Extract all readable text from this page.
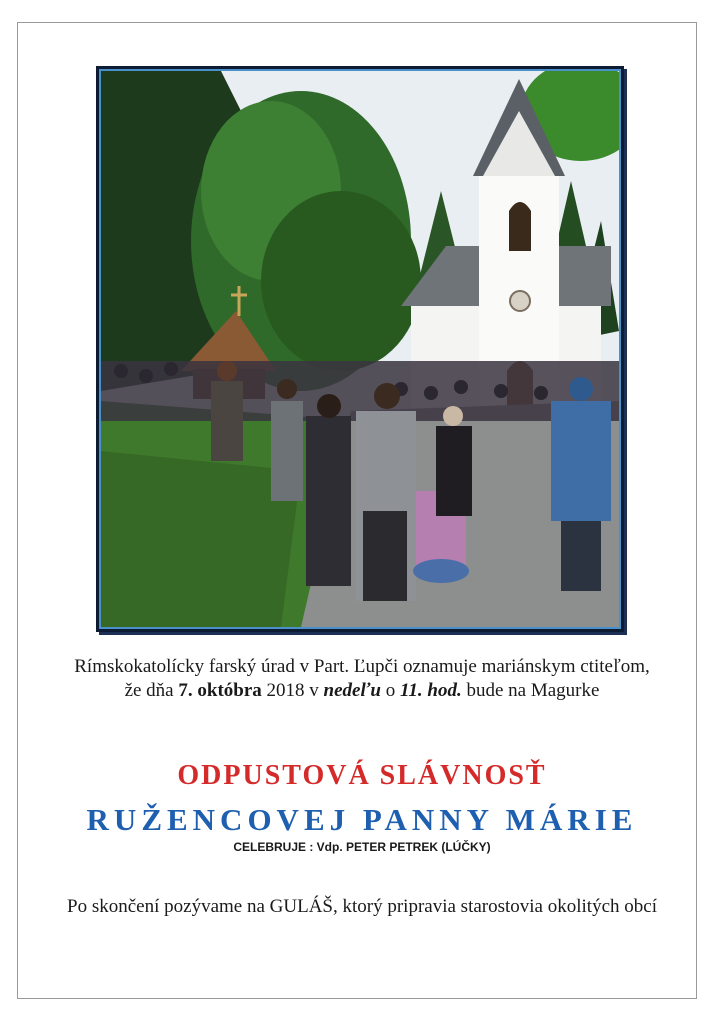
Rímskokatolícky farský úrad v Part. Ľupči oznamuje mariánskym ctiteľom,
že dňa 7. októbra 2018 v nedeľu o 11. hod. bude na Magurke
ODPUSTOVÁ SLÁVNOSŤ
RUŽENCOVEJ PANNY MÁRIE
CELEBRUJE : Vdp. PETER PETREK (LÚČKY)
Po skončení pozývame na GULÁŠ, ktorý pripravia starostovia okolitých obcí
